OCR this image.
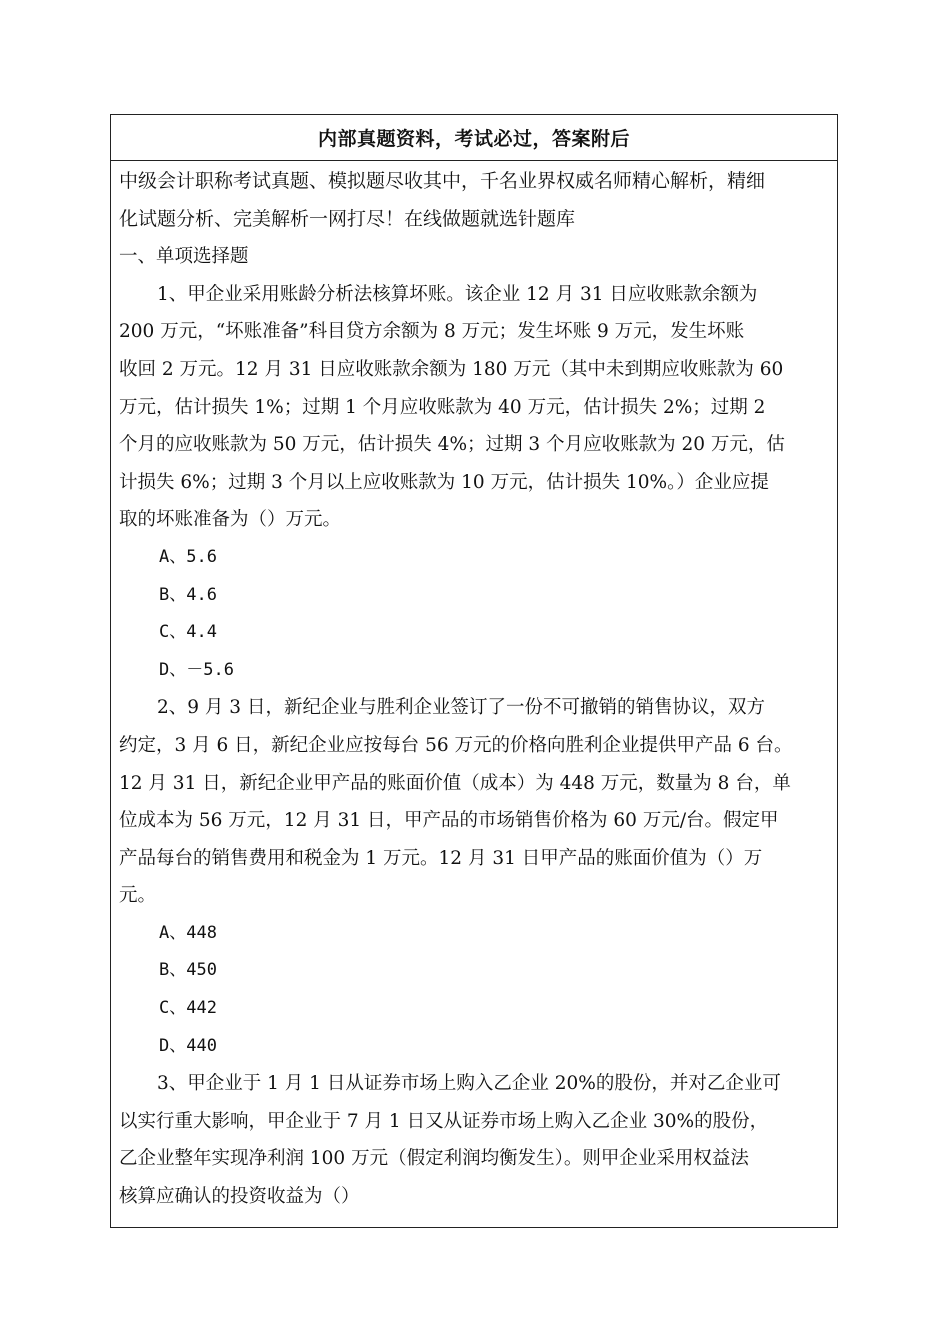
内部真题资料，考试必过，答案附后
中级会计职称考试真题、模拟题尽收其中，千名业界权威名师精心解析，精细
化试题分析、完美解析一网打尽！在线做题就选针题库
一、单项选择题
1、甲企业采用账龄分析法核算坏账。该企业 12 月 31 日应收账款余额为
200 万元，“坏账准备”科目贷方余额为 8 万元；发生坏账 9 万元，发生坏账
收回 2 万元。12 月 31 日应收账款余额为 180 万元（其中未到期应收账款为 60
万元，估计损失 1%；过期 1 个月应收账款为 40 万元，估计损失 2%；过期 2
个月的应收账款为 50 万元，估计损失 4%；过期 3 个月应收账款为 20 万元，估
计损失 6%；过期 3 个月以上应收账款为 10 万元，估计损失 10%。）企业应提
取的坏账准备为（）万元。
A、5.6
B、4.6
C、4.4
D、－5.6
2、9 月 3 日，新纪企业与胜利企业签订了一份不可撤销的销售协议，双方
约定，3 月 6 日，新纪企业应按每台 56 万元的价格向胜利企业提供甲产品 6 台。
12 月 31 日，新纪企业甲产品的账面价值（成本）为 448 万元，数量为 8 台，单
位成本为 56 万元，12 月 31 日，甲产品的市场销售价格为 60 万元/台。假定甲
产品每台的销售费用和税金为 1 万元。12 月 31 日甲产品的账面价值为（）万
元。
A、448
B、450
C、442
D、440
3、甲企业于 1 月 1 日从证券市场上购入乙企业 20%的股份，并对乙企业可
以实行重大影响，甲企业于 7 月 1 日又从证券市场上购入乙企业 30%的股份，
乙企业整年实现净利润 100 万元（假定利润均衡发生）。则甲企业采用权益法
核算应确认的投资收益为（）
